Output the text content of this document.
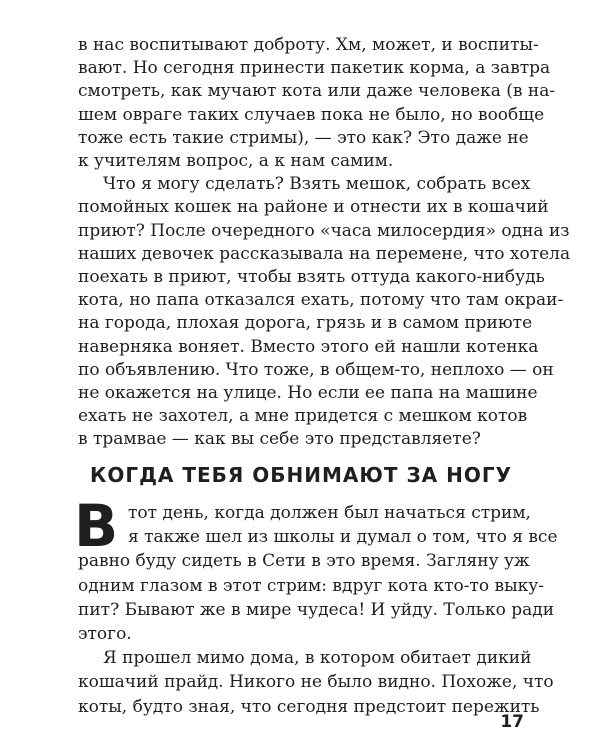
в нас воспитывают доброту. Хм, может, и воспиты-
вают. Но сегодня принести пакетик корма, а завтра
смотреть, как мучают кота или даже человека (в на-
шем овраге таких случаев пока не было, но вообще
тоже есть такие стримы), — это как? Это даже не
к учителям вопрос, а к нам самим.
Что я могу сделать? Взять мешок, собрать всех
помойных кошек на районе и отнести их в кошачий
приют? После очередного «часа милосердия» одна из
наших девочек рассказывала на перемене, что хотела
поехать в приют, чтобы взять оттуда какого-нибудь
кота, но папа отказался ехать, потому что там окраи-
на города, плохая дорога, грязь и в самом приюте
наверняка воняет. Вместо этого ей нашли котенка
по объявлению. Что тоже, в общем-то, неплохо — он
не окажется на улице. Но если ее папа на машине
ехать не захотел, а мне придется с мешком котов
КОГДА ТЕБЯ ОБНИМАЮТ ЗА НОГУ
В тот день, когда должен был начаться стрим,
я также шел из школы и думал о том, что я все
равно буду сидеть в Сети в это время. Загляну уж
одним глазом в этот стрим: вдруг кота кто-то выку-
пит? Бывают же в мире чудеса! И уйду. Только ради
этого.
Я прошел мимо дома, в котором обитает дикий
кошачий прайд. Никого не было видно. Похоже, что
коты, будто зная, что сегодня предстоит пережить
17
в трамвае — как вы себе это представляете?
